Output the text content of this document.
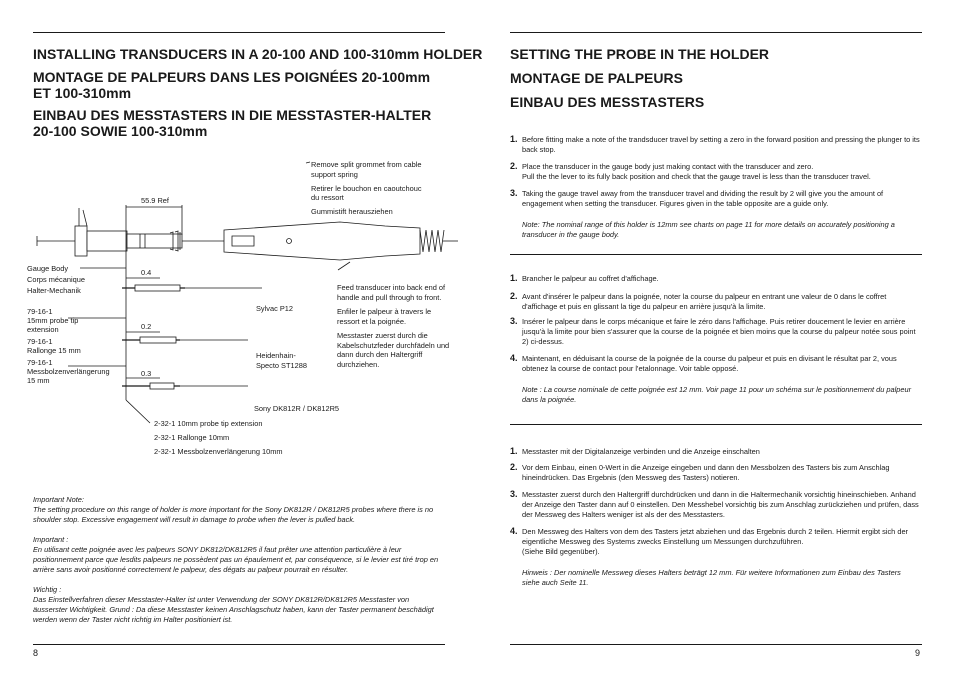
INSTALLING TRANSDUCERS IN A 20-100 AND 100-310mm HOLDER
MONTAGE DE PALPEURS DANS LES POIGNÉES 20-100mm
ET 100-310mm
EINBAU DES MESSTASTERS IN DIE MESSTASTER-HALTER
20-100 SOWIE 100-310mm
Remove split grommet from cable
support spring
Retirer le bouchon en caoutchouc
du ressort
Gummistift herausziehen
55.9 Ref
Gauge Body
Corps mécanique
Halter-Mechanik
0.4
0.2
0.3
79-16-1
15mm probe tip
extension
79-16-1
Rallonge 15 mm
79-16-1
Messbolzenverlängerung
15 mm
Feed transducer into back end of handle and pull through to front.
Enfiler le palpeur à travers le ressort et la poignée.
Messtaster zuerst durch die Kabelschutzfeder durchfädeln und dann durch den Haltergriff durchziehen.
Sylvac P12
Heidenhain-
Specto ST1288
Sony DK812R / DK812R5
2-32-1 10mm probe tip extension
2-32-1 Rallonge 10mm
2-32-1 Messbolzenverlängerung 10mm
Important Note:
The setting procedure on this range of holder is more important for the Sony DK812R / DK812R5 probes where there is no shoulder stop. Excessive engagement will result in damage to probe when the lever is pulled back.
Important :
En utilisant cette poignée avec les palpeurs SONY DK812/DK812R5 il faut prêter une attention particulière à leur positionnement parce que lesdits palpeurs ne possèdent pas un épaulement et, par conséquence, si le levier est tiré trop en arrière sans avoir positionné correctement le palpeur, des dégats au palpeur pourrait en résulter.
Wichtig :
Das Einstellverfahren dieser Messtaster-Halter ist unter Verwendung der SONY DK812R/DK812R5 Messtaster von äusserster Wichtigkeit. Grund : Da diese Messtaster keinen Anschlagschutz haben, kann der Taster permanent beschädigt werden wenn der Taster nicht richtig im Halter positioniert ist.
8
SETTING THE PROBE IN THE HOLDER
MONTAGE DE PALPEURS
EINBAU DES MESSTASTERS
1. Before fitting make a note of the trandsducer travel by setting a zero in the forward position and pressing the plunger to its back stop.
2. Place the transducer in the gauge body just making contact with the transducer and zero.
Pull the the lever to its fully back position and check that the gauge travel is less than the transducer travel.
3. Taking the gauge travel away from the transducer travel and dividing the result by 2 will give you the amount of engagement when setting the transducer. Figures given in the table opposite are a guide only.
Note: The nominal range of this holder is 12mm see charts on page 11 for more details on accurately positioning a transducer in the gauge body.
1. Brancher le palpeur au coffret d'affichage.
2. Avant d'insérer le palpeur dans la poignée, noter la course du palpeur en entrant une valeur de 0 dans le coffret d'affichage et puis en glissant la tige du palpeur en arrière jusqu'à la limite.
3. Insérer le palpeur dans le corps mécanique et faire le zéro dans l'affichage. Puis retirer doucement le levier en arrière jusqu'à la limite pour bien s'assurer que la course de la poignée et bien moins que la course du palpeur notée sous point 2) ci-dessus.
4. Maintenant, en déduisant la course de la poignée de la course du palpeur et puis en divisant le résultat par 2, vous obtenez la course de contact pour l'etalonnage. Voir table opposé.
Note : La course nominale de cette poignée est 12 mm. Voir page 11 pour un schéma sur le positionnement du palpeur dans la poignée.
1. Messtaster mit der Digitalanzeige verbinden und die Anzeige einschalten
2. Vor dem Einbau, einen 0-Wert in die Anzeige eingeben und dann den Messbolzen des Tasters bis zum Anschlag hineindrücken. Das Ergebnis (den Messweg des Tasters) notieren.
3. Messtaster zuerst durch den Haltergriff durchdrücken und dann in die Haltermechanik vorsichtig hineinschieben. Anhand der Anzeige den Taster dann auf 0 einstellen. Den Messhebel vorsichtig bis zum Anschlag zurückziehen und prüfen, dass der Messweg des Halters weniger ist als der des Messtasters.
4. Den Messweg des Halters von dem des Tasters jetzt abziehen und das Ergebnis durch 2 teilen. Hiermit ergibt sich der eigentliche Messweg des Systems zwecks Einstellung um Messungen durchzuführen.
(Siehe Bild gegenüber).
Hinweis : Der nominelle Messweg dieses Halters beträgt 12 mm. Für weitere Informationen zum Einbau des Tasters siehe auch Seite 11.
9
